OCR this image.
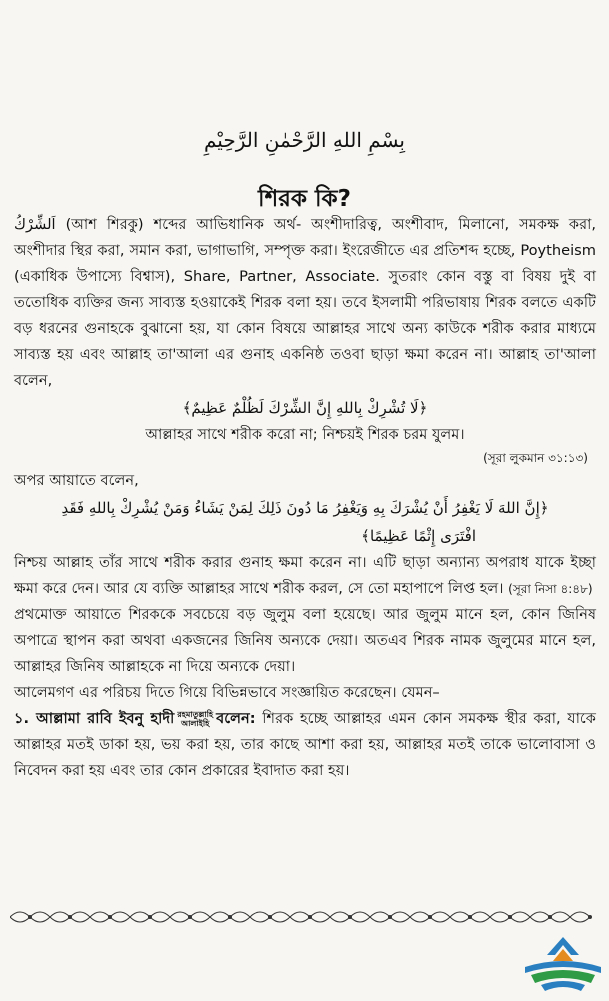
بِسْمِ اللهِ الرَّحْمٰنِ الرَّحِيْمِ
শিরক কি?

اَلشِّرْكُ (আশ শিরকু) শব্দের আভিধানিক অর্থ- অংশীদারিত্ব, অংশীবাদ, মিলানো, সমকক্ষ করা, অংশীদার স্থির করা, সমান করা, ভাগাভাগি, সম্পৃক্ত করা। ইংরেজীতে এর প্রতিশব্দ হচ্ছে, Poytheism (একাধিক উপাস্যে বিশ্বাস), Share, Partner, Associate. সুতরাং কোন বস্তু বা বিষয় দুই বা ততোধিক ব্যক্তির জন্য সাব্যস্ত হওয়াকেই শিরক বলা হয়। তবে ইসলামী পরিভাষায় শিরক বলতে একটি বড় ধরনের গুনাহকে বুঝানো হয়, যা কোন বিষয়ে আল্লাহর সাথে অন্য কাউকে শরীক করার মাধ্যমে সাব্যস্ত হয় এবং আল্লাহ তা'আলা এর গুনাহ একনিষ্ঠ তওবা ছাড়া ক্ষমা করেন না। আল্লাহ তা'আলা বলেন,

﴿لَا تُشْرِكْ بِاللهِ إِنَّ الشِّرْكَ لَظُلْمٌ عَظِيمٌ﴾
আল্লাহর সাথে শরীক করো না; নিশ্চয়ই শিরক চরম যুলম।
(সূরা লুকমান ৩১:১৩)

অপর আয়াতে বলেন,

﴿إِنَّ اللهَ لَا يَغْفِرُ أَنْ يُشْرَكَ بِهِ وَيَغْفِرُ مَا دُونَ ذَلِكَ لِمَنْ يَشَاءُ وَمَنْ يُشْرِكْ بِاللهِ فَقَدِ
افْتَرَى إِثْمًا عَظِيمًا﴾

নিশ্চয় আল্লাহ তাঁর সাথে শরীক করার গুনাহ ক্ষমা করেন না। এটি ছাড়া অন্যান্য অপরাধ যাকে ইচ্ছা ক্ষমা করে দেন। আর যে ব্যক্তি আল্লাহর সাথে শরীক করল, সে তো মহাপাপে লিপ্ত হল। (সূরা নিসা ৪:৪৮)

প্রথমোক্ত আয়াতে শিরককে সবচেয়ে বড় জুলুম বলা হয়েছে। আর জুলুম মানে হল, কোন জিনিষ অপাত্রে স্থাপন করা অথবা একজনের জিনিষ অন্যকে দেয়া। অতএব শিরক নামক জুলুমের মানে হল, আল্লাহর জিনিষ আল্লাহকে না দিয়ে অন্যকে দেয়া।

আলেমগণ এর পরিচয় দিতে গিয়ে বিভিন্নভাবে সংজ্ঞায়িত করেছেন। যেমন–

১. আল্লামা রাবি ইবনু হাদী রহমাতুল্লাহি
আলাইহি বলেন: শিরক হচ্ছে আল্লাহর এমন কোন সমকক্ষ স্থীর করা, যাকে আল্লাহর মতই ডাকা হয়, ভয় করা হয়, তার কাছে আশা করা হয়, আল্লাহর মতই তাকে ভালোবাসা ও নিবেদন করা হয় এবং তার কোন প্রকারের ইবাদাত করা হয়।
